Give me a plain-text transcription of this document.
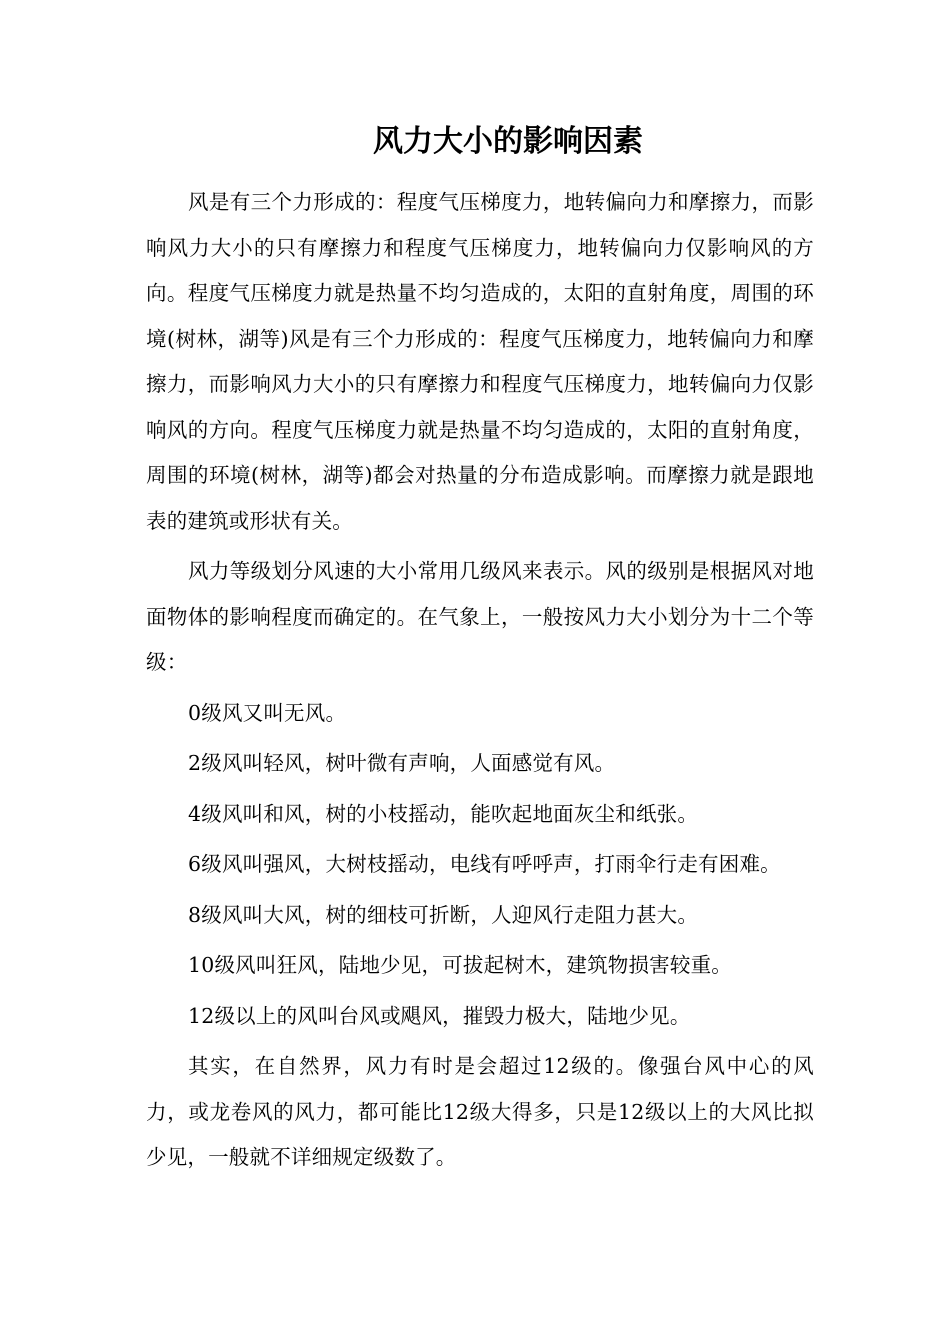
风力大小的影响因素

风是有三个力形成的：程度气压梯度力，地转偏向力和摩擦力，而影响风力大小的只有摩擦力和程度气压梯度力，地转偏向力仅影响风的方向。程度气压梯度力就是热量不均匀造成的，太阳的直射角度，周围的环境(树林，湖等)风是有三个力形成的：程度气压梯度力，地转偏向力和摩擦力，而影响风力大小的只有摩擦力和程度气压梯度力，地转偏向力仅影响风的方向。程度气压梯度力就是热量不均匀造成的，太阳的直射角度，周围的环境(树林，湖等)都会对热量的分布造成影响。而摩擦力就是跟地表的建筑或形状有关。

风力等级划分风速的大小常用几级风来表示。风的级别是根据风对地面物体的影响程度而确定的。在气象上，一般按风力大小划分为十二个等级：

0级风又叫无风。

2级风叫轻风，树叶微有声响，人面感觉有风。

4级风叫和风，树的小枝摇动，能吹起地面灰尘和纸张。

6级风叫强风，大树枝摇动，电线有呼呼声，打雨伞行走有困难。

8级风叫大风，树的细枝可折断，人迎风行走阻力甚大。

10级风叫狂风，陆地少见，可拔起树木，建筑物损害较重。

12级以上的风叫台风或飓风，摧毁力极大，陆地少见。

其实，在自然界，风力有时是会超过12级的。像强台风中心的风力，或龙卷风的风力，都可能比12级大得多，只是12级以上的大风比拟少见，一般就不详细规定级数了。
